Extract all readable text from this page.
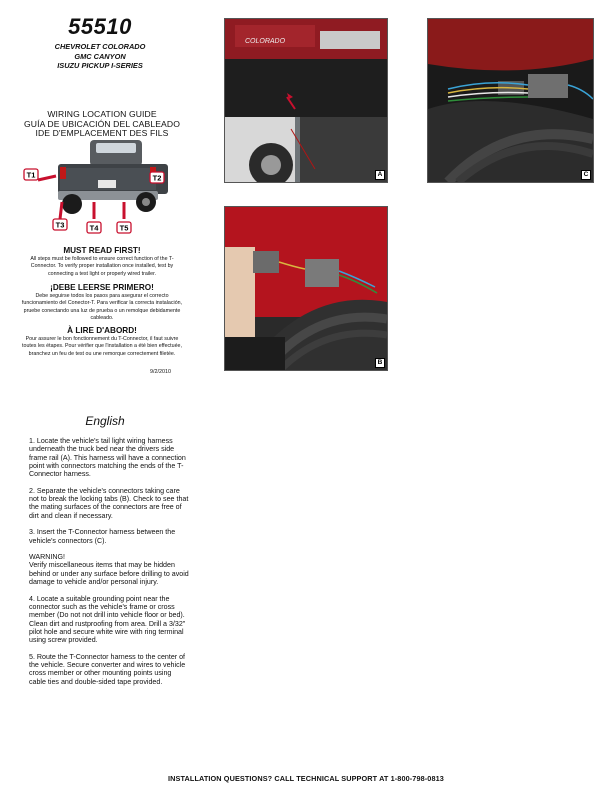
55510
CHEVROLET COLORADO
GMC CANYON
ISUZU PICKUP I-SERIES
WIRING LOCATION GUIDE
GUÍA DE UBICACIÓN DEL CABLEADO
IDE D'EMPLACEMENT DES FILS
T1	T2
T3	T4	T5
MUST READ FIRST!
All steps must be followed to ensure correct function of the T-Connector. To verify proper installation once installed, test by connecting a test light or properly wired trailer.
¡DEBE LEERSE PRIMERO!
Debe seguirse todos los pasos para asegurar el correcto funcionamiento del Conector-T. Para verificar la correcta instalación, pruebe conectando una luz de prueba o un remolque debidamente cableado.
À LIRE D'ABORD!
Pour assurer le bon fonctionnement du T-Connector, il faut suivre toutes les étapes. Pour vérifier que l'installation a été bien effectuée, branchez un feu de test ou une remorque correctement filetée.
9/2/2010
COLORADO
A	C
B
English

1. Locate the vehicle's tail light wiring harness underneath the truck bed near the drivers side frame rail (A). This harness will have a connection point with connectors matching the ends of the T-Connector harness.

2. Separate the vehicle's connectors taking care not to break the locking tabs (B). Check to see that the mating surfaces of the connectors are free of dirt and clean if necessary.

3. Insert the T-Connector harness between the vehicle's connectors (C).

WARNING!
Verify miscellaneous items that may be hidden behind or under any surface before drilling to avoid damage to vehicle and/or personal injury.

4. Locate a suitable grounding point near the connector such as the vehicle's frame or cross member (Do not not drill into vehicle floor or bed). Clean dirt and rustproofing from area. Drill a 3/32" pilot hole and secure white wire with ring terminal using screw provided.

5. Route the T-Connector harness to the center of the vehicle. Secure converter and wires to vehicle cross member or other mounting points using cable ties and double-sided tape provided.

INSTALLATION QUESTIONS? CALL TECHNICAL SUPPORT AT 1-800-798-0813
